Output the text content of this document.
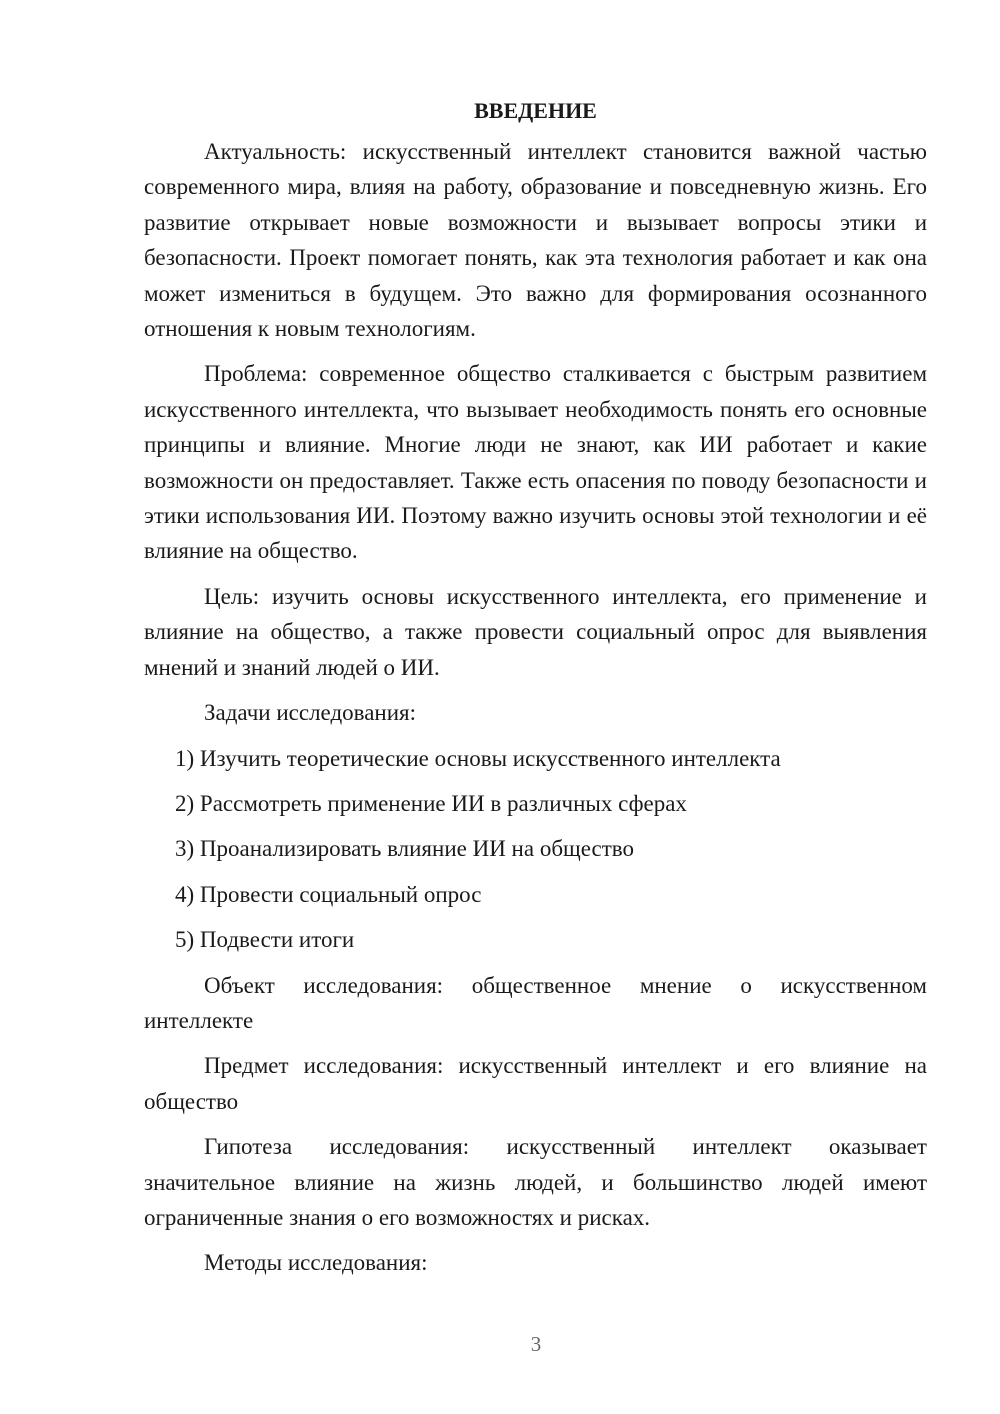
ВВЕДЕНИЕ

Актуальность: искусственный интеллект становится важной частью современного мира, влияя на работу, образование и повседневную жизнь. Его развитие открывает новые возможности и вызывает вопросы этики и безопасности. Проект помогает понять, как эта технология работает и как она может измениться в будущем. Это важно для формирования осознанного отношения к новым технологиям.

Проблема: современное общество сталкивается с быстрым развитием искусственного интеллекта, что вызывает необходимость понять его основные принципы и влияние. Многие люди не знают, как ИИ работает и какие возможности он предоставляет. Также есть опасения по поводу безопасности и этики использования ИИ. Поэтому важно изучить основы этой технологии и её влияние на общество.

Цель: изучить основы искусственного интеллекта, его применение и влияние на общество, а также провести социальный опрос для выявления мнений и знаний людей о ИИ.

Задачи исследования:

1) Изучить теоретические основы искусственного интеллекта
2) Рассмотреть применение ИИ в различных сферах
3) Проанализировать влияние ИИ на общество
4) Провести социальный опрос
5) Подвести итоги

Объект исследования: общественное мнение о искусственном интеллекте

Предмет исследования: искусственный интеллект и его влияние на общество

Гипотеза исследования: искусственный интеллект оказывает значительное влияние на жизнь людей, и большинство людей имеют ограниченные знания о его возможностях и рисках.

Методы исследования:

3
